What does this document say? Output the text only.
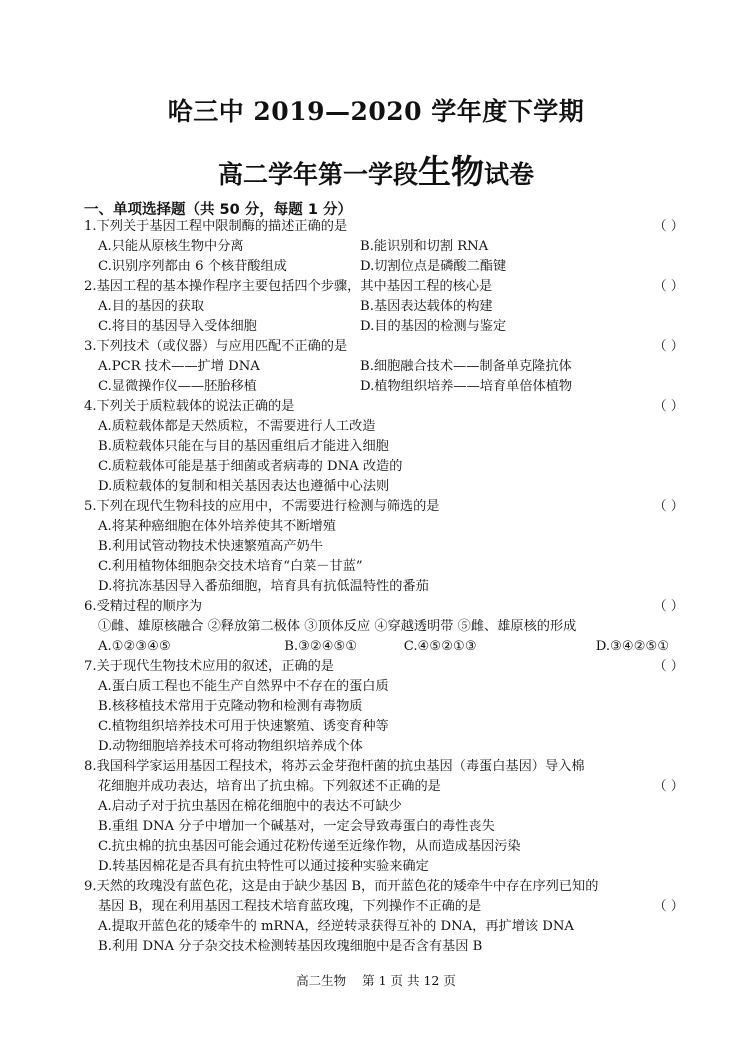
哈三中 2019—2020 学年度下学期
高二学年第一学段生物试卷
一、单项选择题（共 50 分，每题 1 分）
1.下列关于基因工程中限制酶的描述正确的是	（ ）
A.只能从原核生物中分离	B.能识别和切割 RNA
C.识别序列都由 6 个核苷酸组成	D.切割位点是磷酸二酯键
2.基因工程的基本操作程序主要包括四个步骤，其中基因工程的核心是	（ ）
A.目的基因的获取	B.基因表达载体的构建
C.将目的基因导入受体细胞	D.目的基因的检测与鉴定
3.下列技术（或仪器）与应用匹配不正确的是	（ ）
A.PCR 技术——扩增 DNA	B.细胞融合技术——制备单克隆抗体
C.显微操作仪——胚胎移植	D.植物组织培养——培育单倍体植物
4.下列关于质粒载体的说法正确的是	（ ）
A.质粒载体都是天然质粒，不需要进行人工改造
B.质粒载体只能在与目的基因重组后才能进入细胞
C.质粒载体可能是基于细菌或者病毒的 DNA 改造的
D.质粒载体的复制和相关基因表达也遵循中心法则
5.下列在现代生物科技的应用中，不需要进行检测与筛选的是	（ ）
A.将某种癌细胞在体外培养使其不断增殖
B.利用试管动物技术快速繁殖高产奶牛
C.利用植物体细胞杂交技术培育“白菜－甘蓝”
D.将抗冻基因导入番茄细胞，培育具有抗低温特性的番茄
6.受精过程的顺序为	（ ）
①雌、雄原核融合 ②释放第二极体 ③顶体反应 ④穿越透明带 ⑤雌、雄原核的形成
A.①②③④⑤	B.③②④⑤①	C.④⑤②①③	D.③④②⑤①
7.关于现代生物技术应用的叙述，正确的是	（ ）
A.蛋白质工程也不能生产自然界中不存在的蛋白质
B.核移植技术常用于克隆动物和检测有毒物质
C.植物组织培养技术可用于快速繁殖、诱变育种等
D.动物细胞培养技术可将动物组织培养成个体
8.我国科学家运用基因工程技术，将苏云金芽孢杆菌的抗虫基因（毒蛋白基因）导入棉
花细胞并成功表达，培育出了抗虫棉。下列叙述不正确的是	（ ）
A.启动子对于抗虫基因在棉花细胞中的表达不可缺少
B.重组 DNA 分子中增加一个碱基对，一定会导致毒蛋白的毒性丧失
C.抗虫棉的抗虫基因可能会通过花粉传递至近缘作物，从而造成基因污染
D.转基因棉花是否具有抗虫特性可以通过接种实验来确定
9.天然的玫瑰没有蓝色花，这是由于缺少基因 B，而开蓝色花的矮牵牛中存在序列已知的
基因 B，现在利用基因工程技术培育蓝玫瑰，下列操作不正确的是	（ ）
A.提取开蓝色花的矮牵牛的 mRNA，经逆转录获得互补的 DNA，再扩增该 DNA
B.利用 DNA 分子杂交技术检测转基因玫瑰细胞中是否含有基因 B
高二生物 第 1 页 共 12 页
